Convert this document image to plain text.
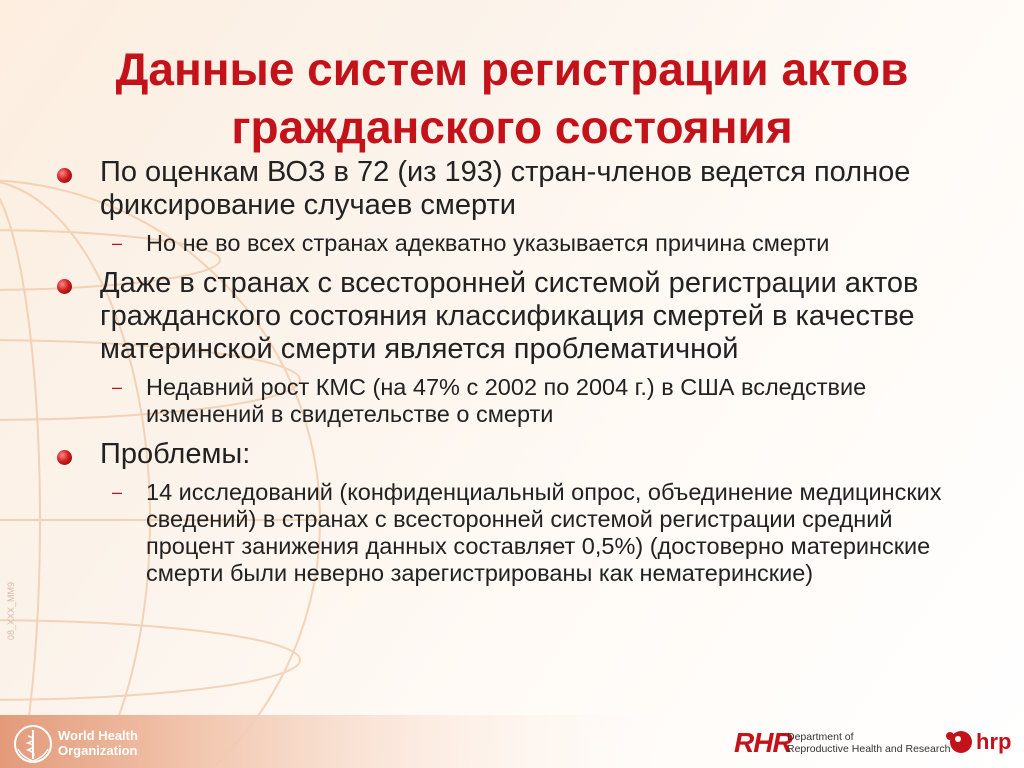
Данные систем регистрации актов
гражданского состояния
По оценкам ВОЗ в 72 (из 193) стран-членов ведется полное фиксирование случаев смерти
– Но не во всех странах адекватно указывается причина смерти
Даже в странах с всесторонней системой регистрации актов гражданского состояния классификация смертей в качестве материнской смерти является проблематичной
– Недавний рост КМС (на 47% с 2002 по 2004 г.) в США вследствие изменений в свидетельстве о смерти
Проблемы:
– 14 исследований (конфиденциальный опрос, объединение медицинских сведений) в странах с всесторонней системой регистрации средний процент занижения данных составляет 0,5%) (достоверно материнские смерти были неверно зарегистрированы как нематеринские)
08_XXX_MM9
World Health
Organization	RHR
Department of
Reproductive Health and Research hrp
